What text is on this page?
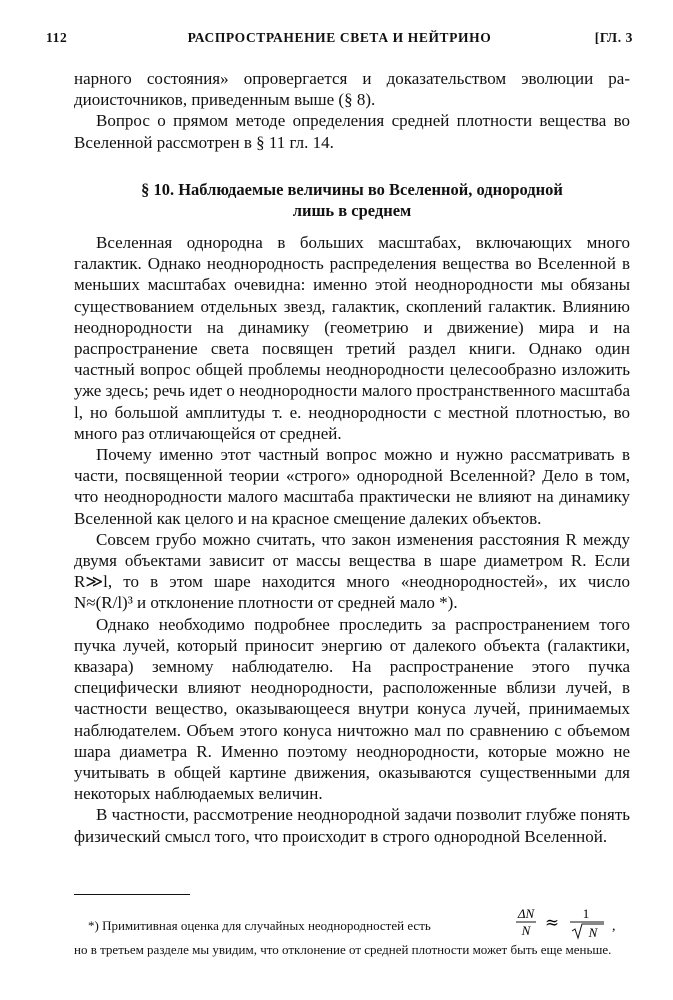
112	РАСПРОСТРАНЕНИЕ СВЕТА И НЕЙТРИНО	[ГЛ. 3

нарного состояния» опровергается и доказательством эволюции радиоисточников, приведенным выше (§ 8).

Вопрос о прямом методе определения средней плотности вещества во Вселенной рассмотрен в § 11 гл. 14.

§ 10. Наблюдаемые величины во Вселенной, однородной
лишь в среднем

Вселенная однородна в больших масштабах, включающих много галактик. Однако неоднородность распределения вещества во Вселенной в меньших масштабах очевидна: именно этой неоднородности мы обязаны существованием отдельных звезд, галактик, скоплений галактик. Влиянию неоднородности на динамику (геометрию и движение) мира и на распространение света посвящен третий раздел книги. Однако один частный вопрос общей проблемы неоднородности целесообразно изложить уже здесь; речь идет о неоднородности малого пространственного масштаба l, но большой амплитуды т. е. неоднородности с местной плотностью, во много раз отличающейся от средней.

Почему именно этот частный вопрос можно и нужно рассматривать в части, посвященной теории «строго» однородной Вселенной? Дело в том, что неоднородности малого масштаба практически не влияют на динамику Вселенной как целого и на красное смещение далеких объектов.

Совсем грубо можно считать, что закон изменения расстояния R между двумя объектами зависит от массы вещества в шаре диаметром R. Если R≫l, то в этом шаре находится много «неоднородностей», их число N≈(R/l)³ и отклонение плотности от средней мало *).

Однако необходимо подробнее проследить за распространением того пучка лучей, который приносит энергию от далекого объекта (галактики, квазара) земному наблюдателю. На распространение этого пучка специфически влияют неоднородности, расположенные вблизи лучей, в частности вещество, оказывающееся внутри конуса лучей, принимаемых наблюдателем. Объем этого конуса ничтожно мал по сравнению с объемом шара диаметра R. Именно поэтому неоднородности, которые можно не учитывать в общей картине движения, оказываются существенными для некоторых наблюдаемых величин.

В частности, рассмотрение неоднородной задачи позволит глубже понять физический смысл того, что происходит в строго однородной Вселенной.

*) Примитивная оценка для случайных неоднородностей есть
ΔN
N ≈ 1
N ,

но в третьем разделе мы увидим, что отклонение от средней плотности может быть еще меньше.
